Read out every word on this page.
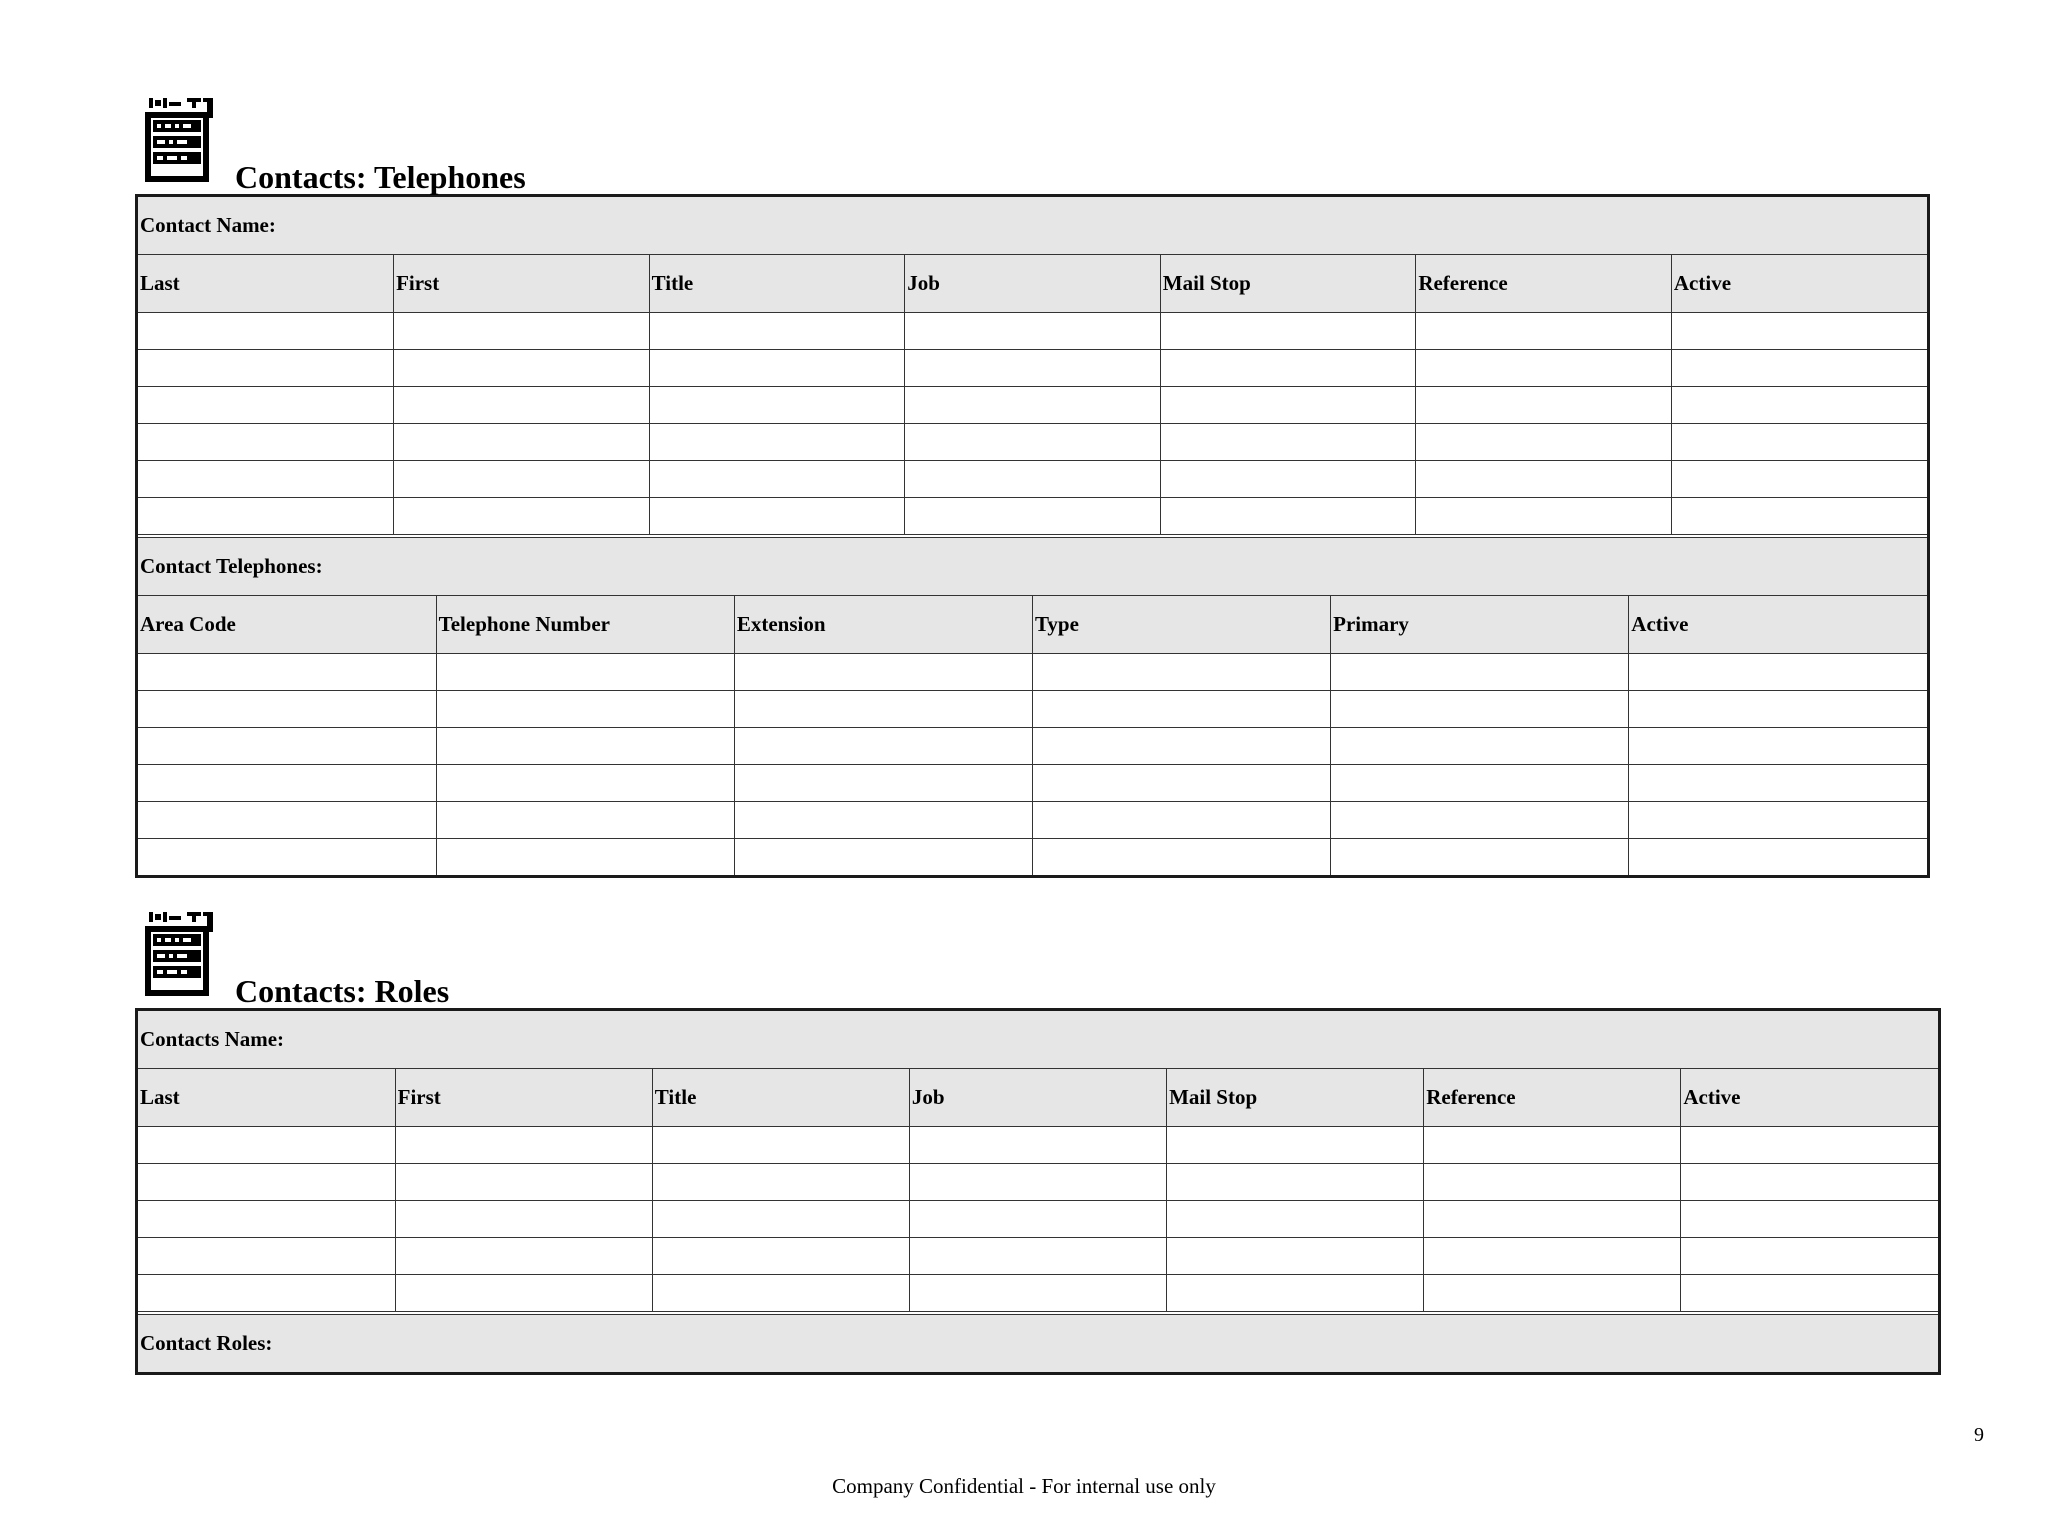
Contacts: Telephones
Contact Name:						
Last	First	Title	Job	Mail Stop	Reference	Active

Contact Telephones:					
Area Code	Telephone Number	Extension	Type	Primary	Active

Contacts: Roles
Contacts Name:						
Last	First	Title	Job	Mail Stop	Reference	Active

Contact Roles:
9
Company Confidential - For internal use only
